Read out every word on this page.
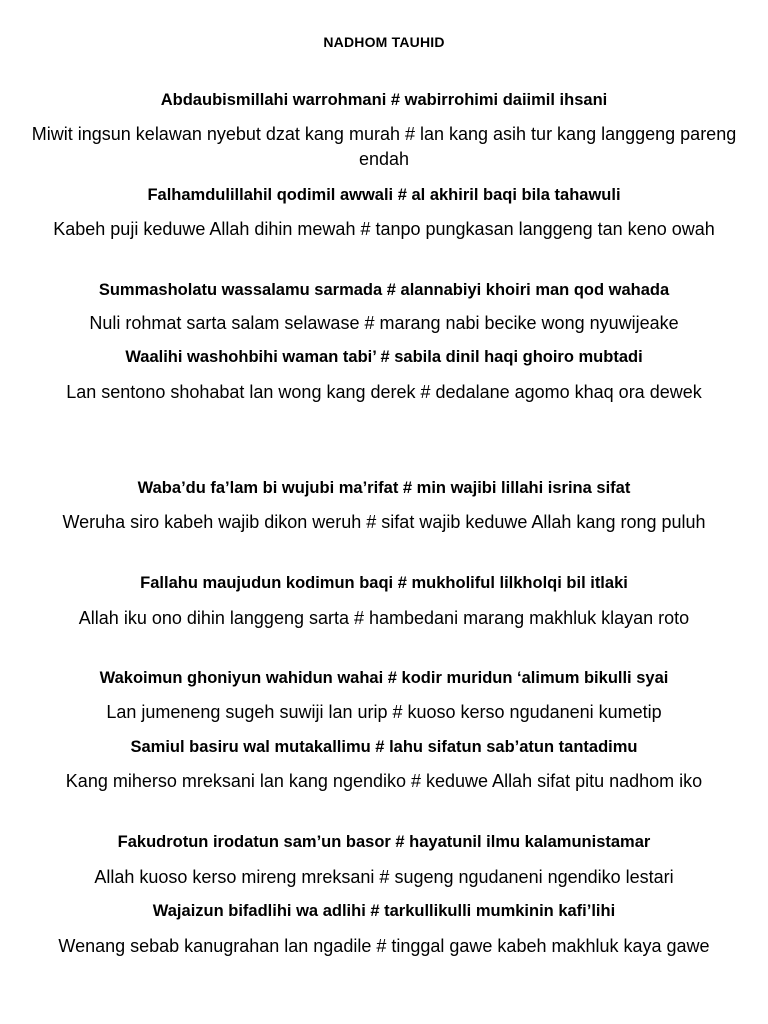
NADHOM TAUHID
Abdaubismillahi warrohmani # wabirrohimi daiimil ihsani
Miwit ingsun kelawan nyebut dzat kang murah # lan kang asih tur kang langgeng pareng endah
Falhamdulillahil qodimil awwali # al akhiril baqi bila tahawuli
Kabeh puji keduwe Allah dihin mewah # tanpo pungkasan langgeng tan keno owah
Summasholatu wassalamu sarmada # alannabiyi khoiri man qod wahada
Nuli rohmat sarta salam selawase # marang nabi becike wong nyuwijeake
Waalihi washohbihi waman tabi’ # sabila dinil haqi ghoiro mubtadi
Lan sentono shohabat lan wong kang derek # dedalane agomo khaq ora dewek
Waba’du fa’lam bi wujubi ma’rifat # min wajibi lillahi isrina sifat
Weruha siro kabeh wajib dikon weruh # sifat wajib keduwe Allah kang rong puluh
Fallahu maujudun kodimun baqi # mukholiful lilkholqi bil itlaki
Allah iku ono dihin langgeng sarta # hambedani marang makhluk klayan roto
Wakoimun ghoniyun wahidun wahai # kodir muridun ‘alimum bikulli syai
Lan jumeneng sugeh suwiji lan urip # kuoso kerso ngudaneni kumetip
Samiul basiru wal mutakallimu # lahu sifatun sab’atun tantadimu
Kang miherso mreksani lan kang ngendiko # keduwe Allah sifat pitu nadhom iko
Fakudrotun irodatun sam’un basor # hayatunil ilmu kalamunistamar
Allah kuoso kerso mireng mreksani # sugeng ngudaneni ngendiko lestari
Wajaizun bifadlihi wa adlihi # tarkullikulli mumkinin kafi’lihi
Wenang sebab kanugrahan lan ngadile # tinggal gawe kabeh makhluk kaya gawe
